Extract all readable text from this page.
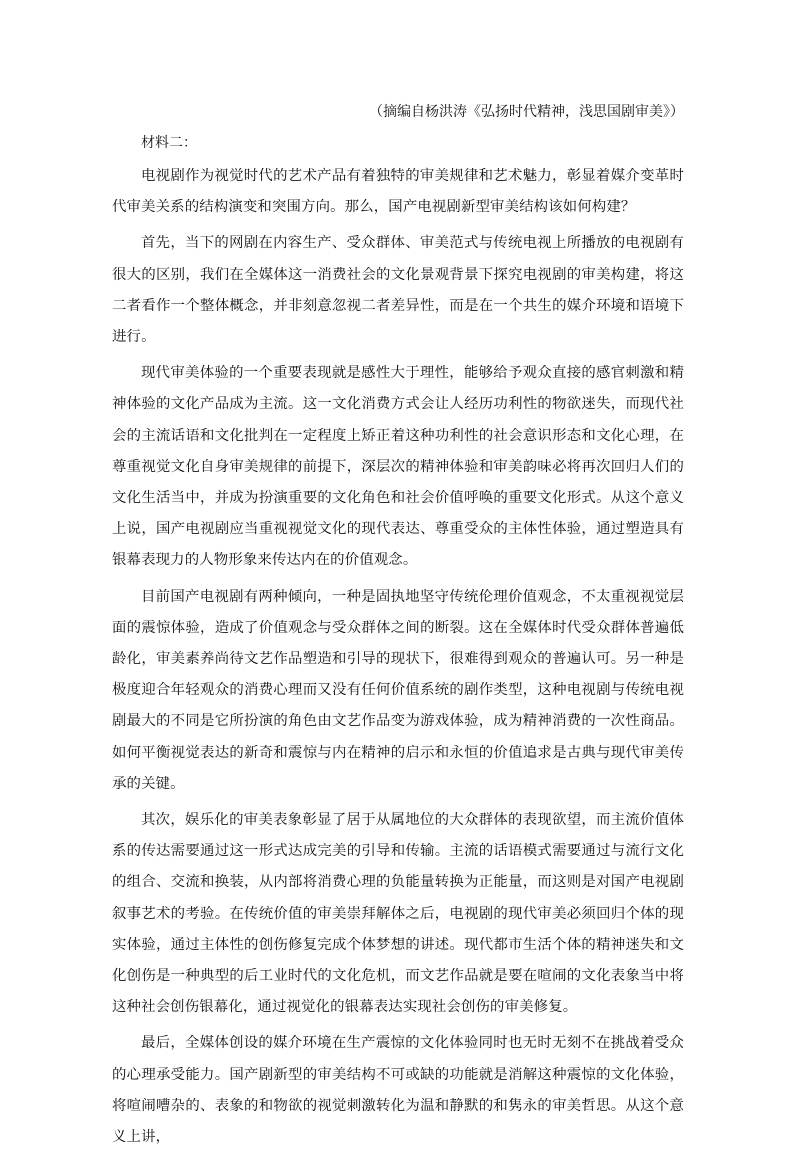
（摘编自杨洪涛《弘扬时代精神，浅思国剧审美》）

材料二：

电视剧作为视觉时代的艺术产品有着独特的审美规律和艺术魅力，彰显着媒介变革时代审美关系的结构演变和突围方向。那么，国产电视剧新型审美结构该如何构建？

首先，当下的网剧在内容生产、受众群体、审美范式与传统电视上所播放的电视剧有很大的区别，我们在全媒体这一消费社会的文化景观背景下探究电视剧的审美构建，将这二者看作一个整体概念，并非刻意忽视二者差异性，而是在一个共生的媒介环境和语境下进行。

现代审美体验的一个重要表现就是感性大于理性，能够给予观众直接的感官刺激和精神体验的文化产品成为主流。这一文化消费方式会让人经历功利性的物欲迷失，而现代社会的主流话语和文化批判在一定程度上矫正着这种功利性的社会意识形态和文化心理，在尊重视觉文化自身审美规律的前提下，深层次的精神体验和审美韵味必将再次回归人们的文化生活当中，并成为扮演重要的文化角色和社会价值呼唤的重要文化形式。从这个意义上说，国产电视剧应当重视视觉文化的现代表达、尊重受众的主体性体验，通过塑造具有银幕表现力的人物形象来传达内在的价值观念。

目前国产电视剧有两种倾向，一种是固执地坚守传统伦理价值观念，不太重视视觉层面的震惊体验，造成了价值观念与受众群体之间的断裂。这在全媒体时代受众群体普遍低龄化，审美素养尚待文艺作品塑造和引导的现状下，很难得到观众的普遍认可。另一种是极度迎合年轻观众的消费心理而又没有任何价值系统的剧作类型，这种电视剧与传统电视剧最大的不同是它所扮演的角色由文艺作品变为游戏体验，成为精神消费的一次性商品。如何平衡视觉表达的新奇和震惊与内在精神的启示和永恒的价值追求是古典与现代审美传承的关键。

其次，娱乐化的审美表象彰显了居于从属地位的大众群体的表现欲望，而主流价值体系的传达需要通过这一形式达成完美的引导和传输。主流的话语模式需要通过与流行文化的组合、交流和换装，从内部将消费心理的负能量转换为正能量，而这则是对国产电视剧叙事艺术的考验。在传统价值的审美崇拜解体之后，电视剧的现代审美必须回归个体的现实体验，通过主体性的创伤修复完成个体梦想的讲述。现代都市生活个体的精神迷失和文化创伤是一种典型的后工业时代的文化危机，而文艺作品就是要在喧闹的文化表象当中将这种社会创伤银幕化，通过视觉化的银幕表达实现社会创伤的审美修复。

最后，全媒体创设的媒介环境在生产震惊的文化体验同时也无时无刻不在挑战着受众的心理承受能力。国产剧新型的审美结构不可或缺的功能就是消解这种震惊的文化体验，将喧闹嘈杂的、表象的和物欲的视觉刺激转化为温和静默的和隽永的审美哲思。从这个意义上讲，
